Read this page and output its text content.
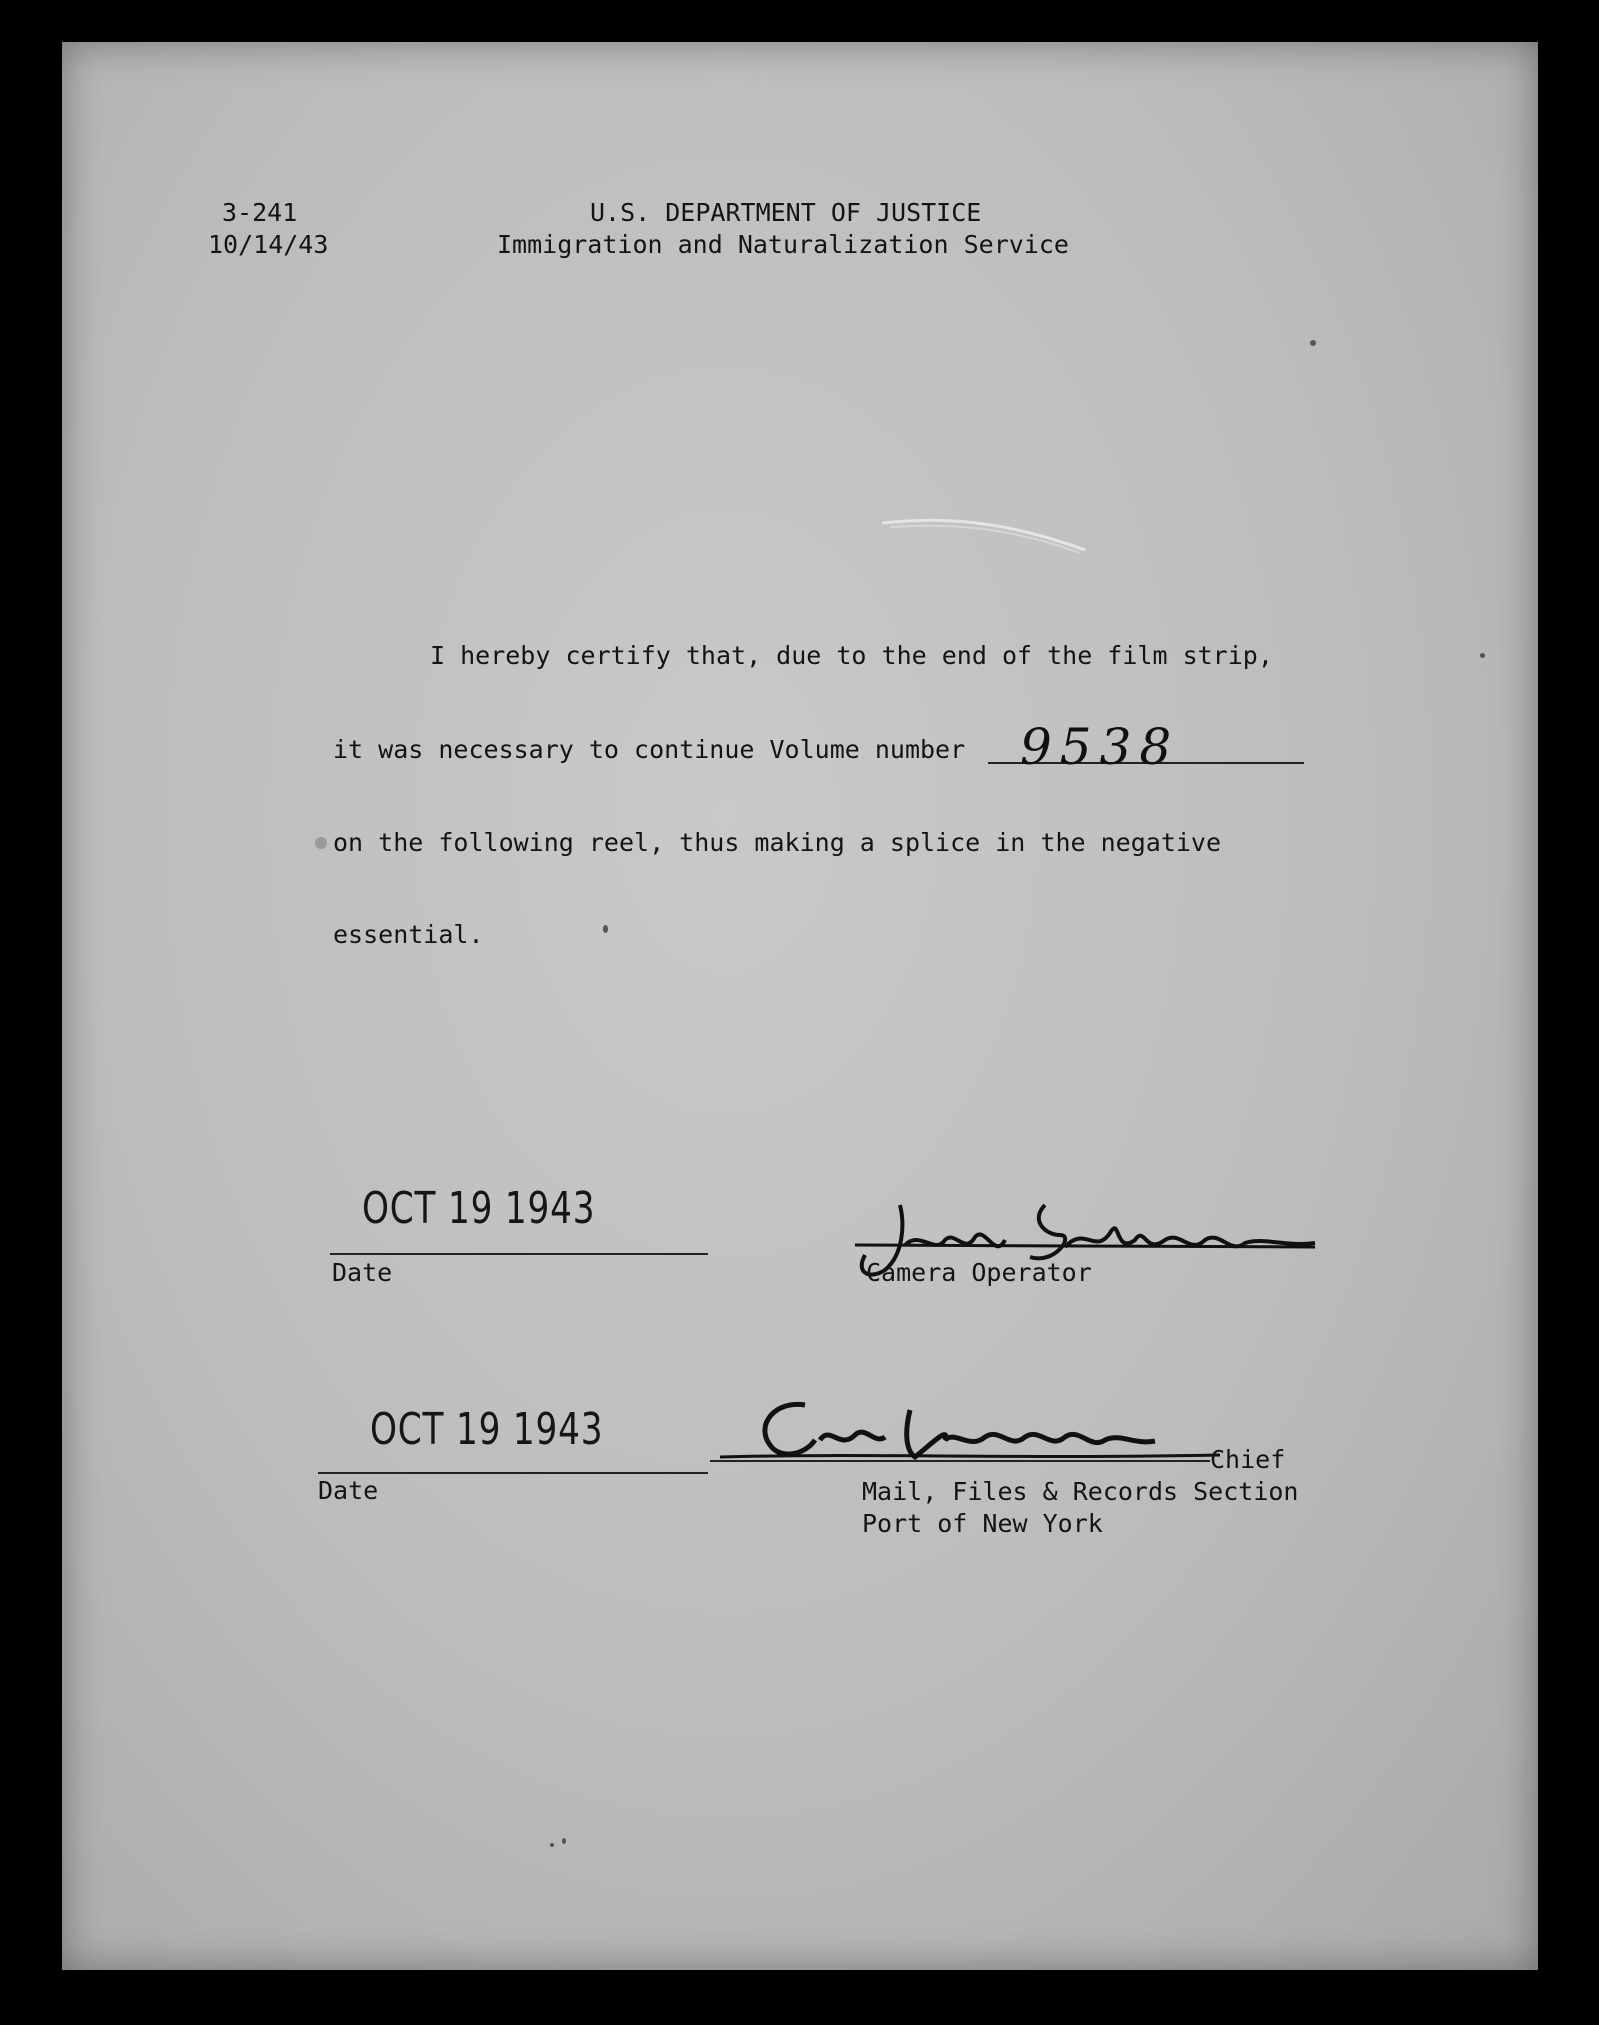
3-241
10/14/43
U.S. DEPARTMENT OF JUSTICE
Immigration and Naturalization Service
I hereby certify that, due to the end of the film strip,
it was necessary to continue Volume number 9538
on the following reel, thus making a splice in the negative
essential.
OCT 19 1943
Date	Camera Operator
OCT 19 1943
Date
Chief
Mail, Files & Records Section
Port of New York
